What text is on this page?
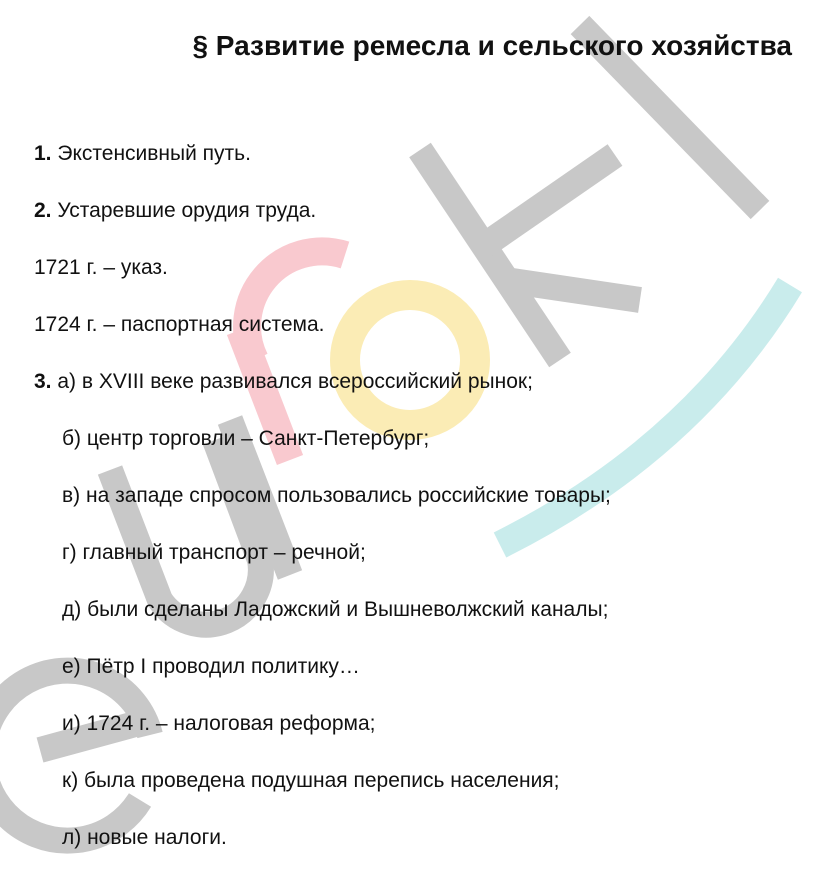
§ Развитие ремесла и сельского хозяйства
1. Экстенсивный путь.
2. Устаревшие орудия труда.
1721 г. – указ.
1724 г. – паспортная система.
3. а) в XVIII веке развивался всероссийский рынок;
б) центр торговли – Санкт-Петербург;
в) на западе спросом пользовались российские товары;
г) главный транспорт – речной;
д) были сделаны Ладожский и Вышневолжский каналы;
е) Пётр I проводил политику…
и) 1724 г. – налоговая реформа;
к) была проведена подушная перепись населения;
л) новые налоги.
